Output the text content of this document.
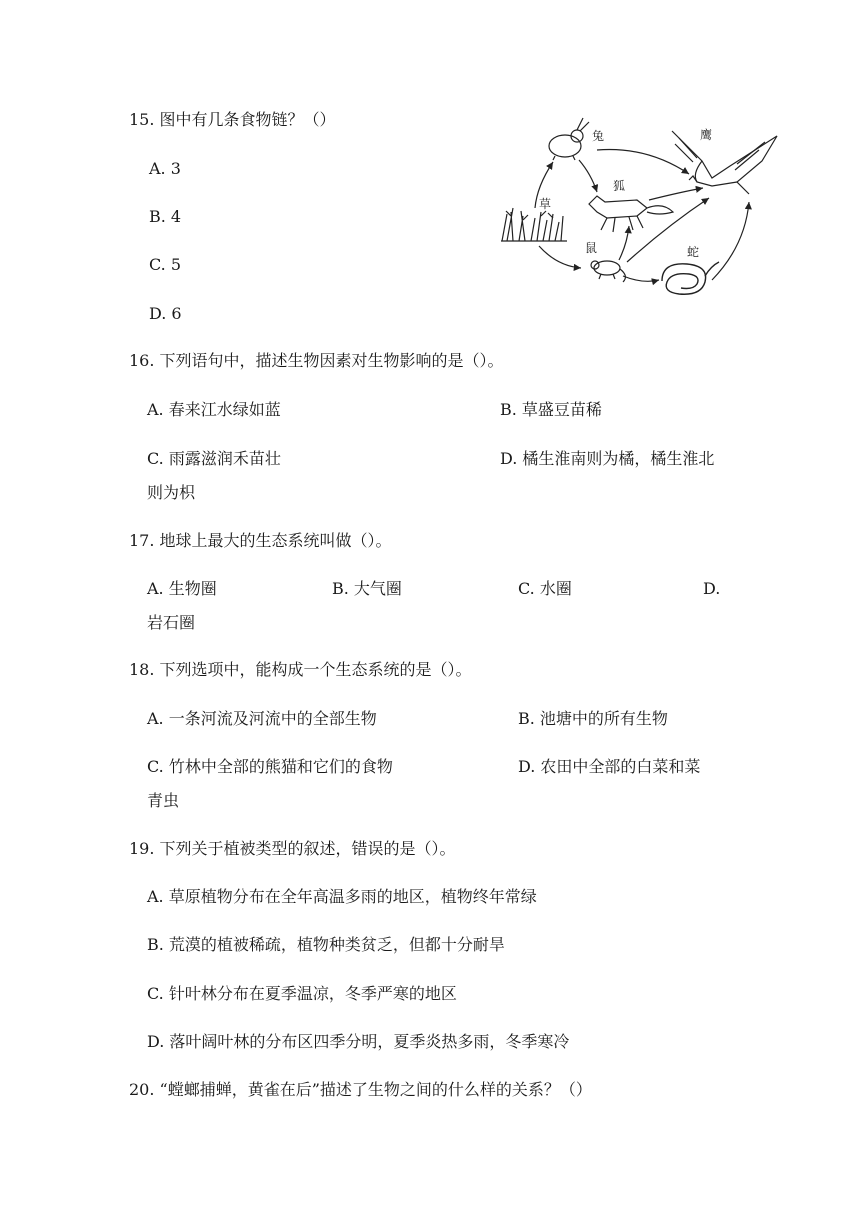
15. 图中有几条食物链？（）
A. 3
B. 4
C. 5
D. 6
草
兔	鹰
狐
鼠	蛇
16. 下列语句中，描述生物因素对生物影响的是（）。
A. 春来江水绿如蓝	B. 草盛豆苗稀
C. 雨露滋润禾苗壮	D. 橘生淮南则为橘，橘生淮北
则为枳
17. 地球上最大的生态系统叫做（）。
A. 生物圈	B. 大气圈	C. 水圈	D.
岩石圈
18. 下列选项中，能构成一个生态系统的是（）。
A. 一条河流及河流中的全部生物	B. 池塘中的所有生物
C. 竹林中全部的熊猫和它们的食物	D. 农田中全部的白菜和菜
青虫
19. 下列关于植被类型的叙述，错误的是（）。
A. 草原植物分布在全年高温多雨的地区，植物终年常绿
B. 荒漠的植被稀疏，植物种类贫乏，但都十分耐旱
C. 针叶林分布在夏季温凉，冬季严寒的地区
D. 落叶阔叶林的分布区四季分明，夏季炎热多雨，冬季寒冷
20. “螳螂捕蝉，黄雀在后”描述了生物之间的什么样的关系？（）
